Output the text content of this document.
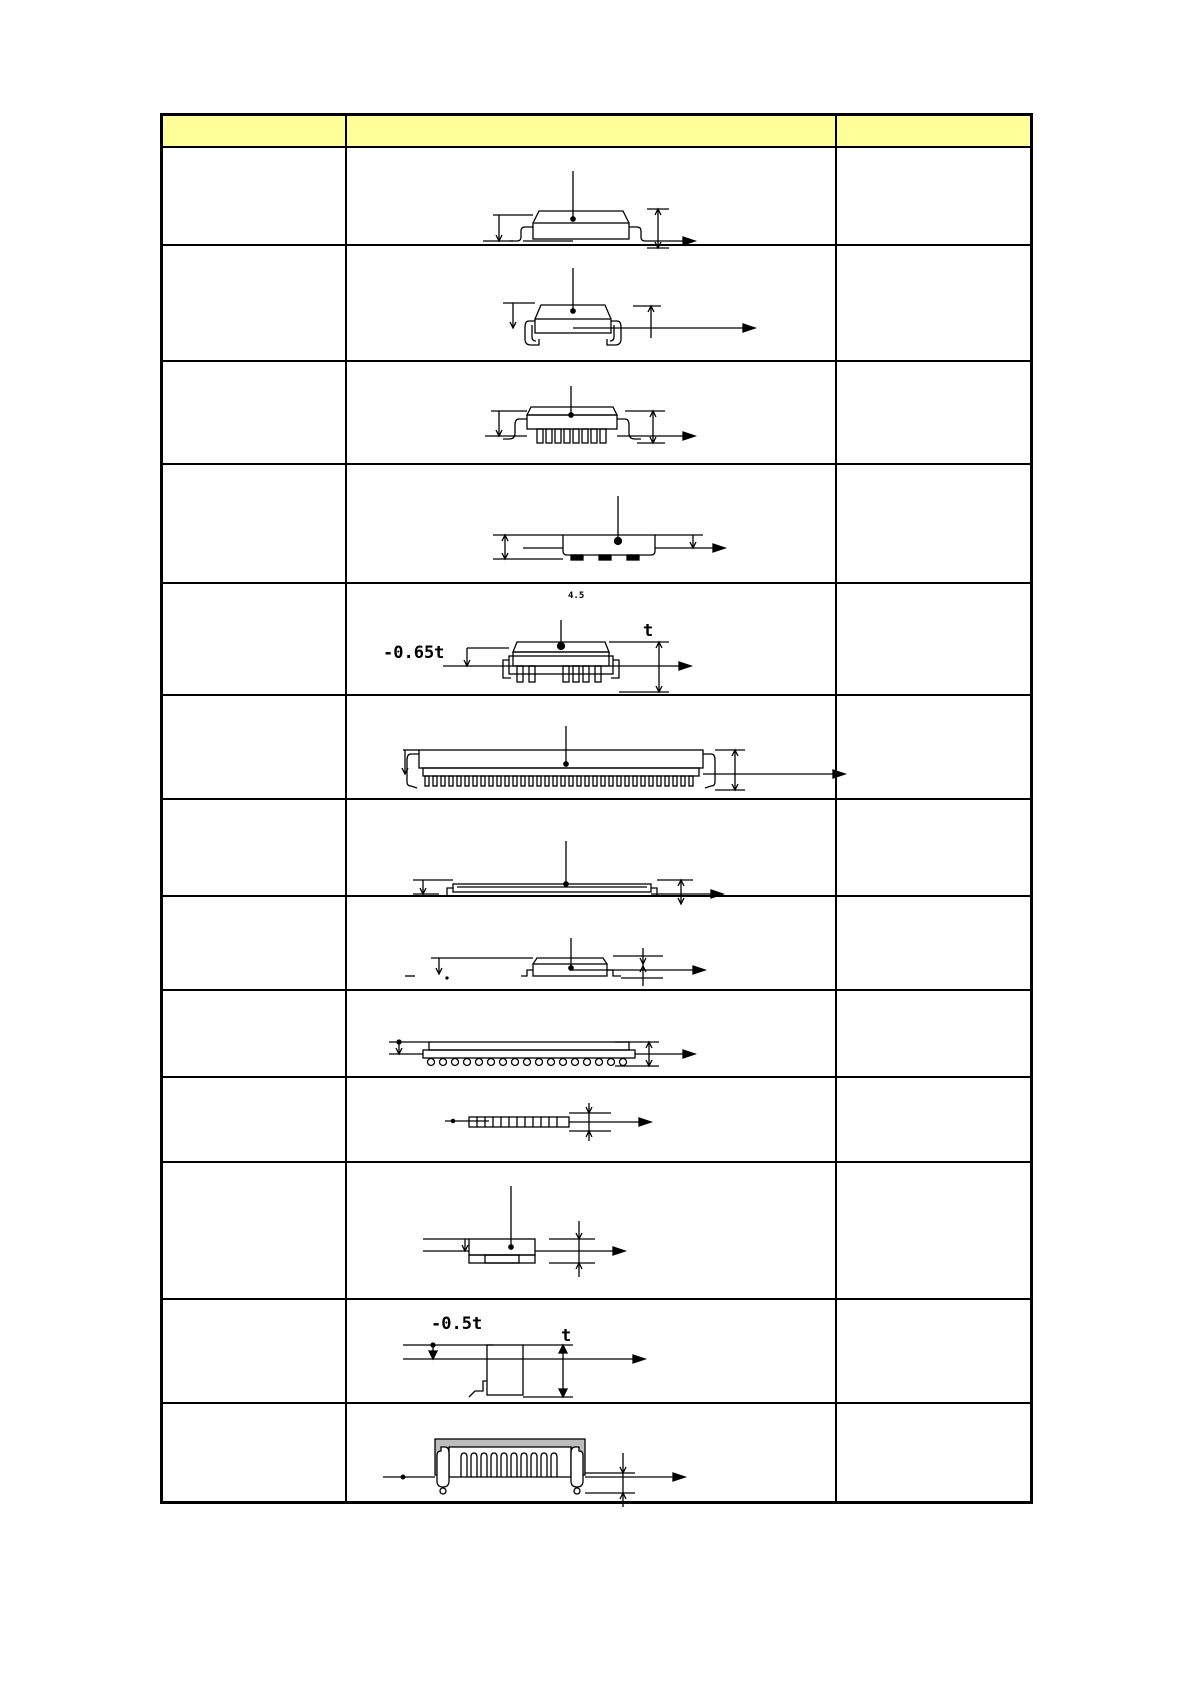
4.5
-0.65t
t
-0.5t
t
